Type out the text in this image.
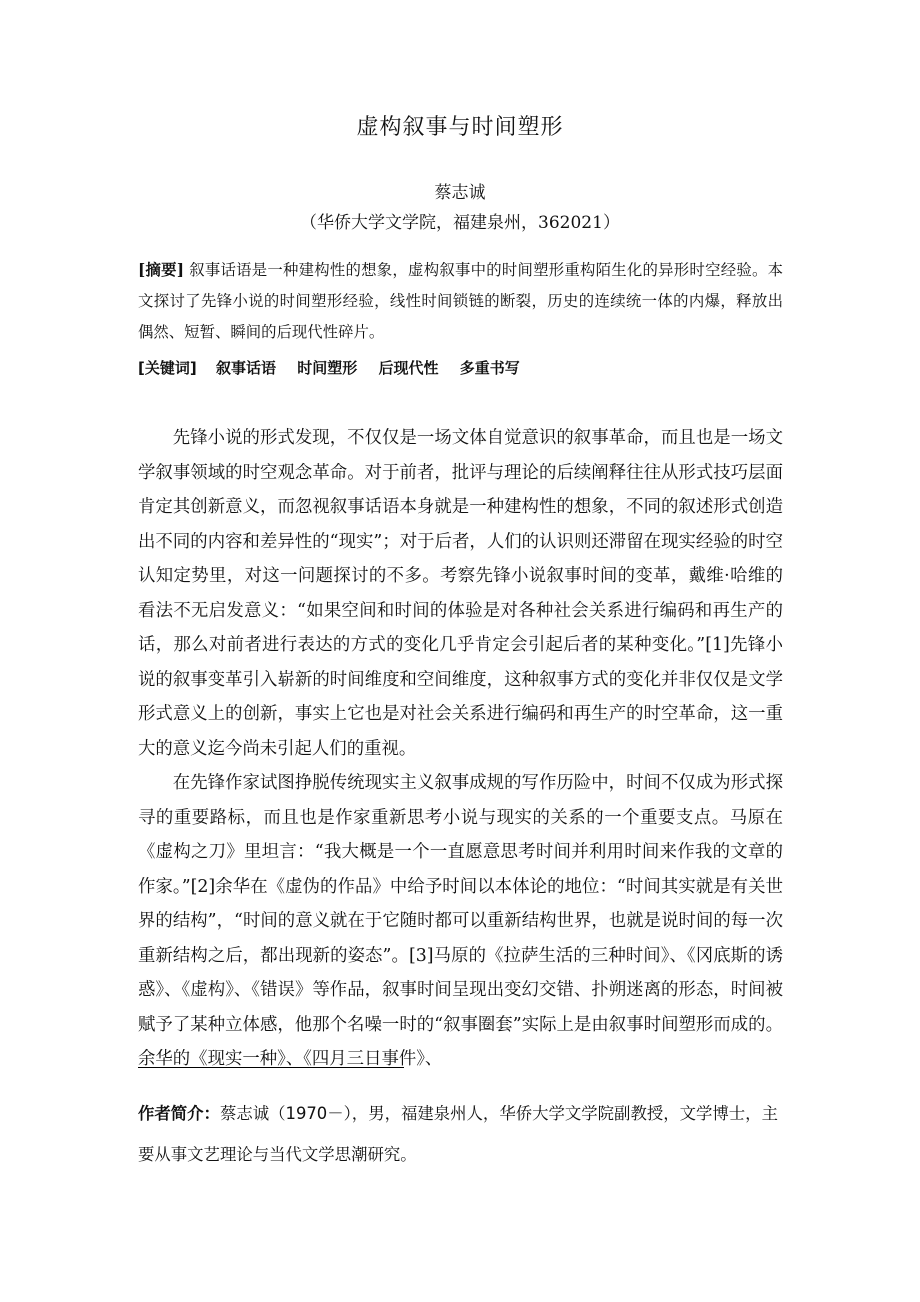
虚构叙事与时间塑形
蔡志诚
（华侨大学文学院，福建泉州，362021）

[摘要] 叙事话语是一种建构性的想象，虚构叙事中的时间塑形重构陌生化的异形时空经验。本文探讨了先锋小说的时间塑形经验，线性时间锁链的断裂，历史的连续统一体的内爆，释放出偶然、短暂、瞬间的后现代性碎片。

[关键词] 叙事话语 时间塑形 后现代性 多重书写

先锋小说的形式发现，不仅仅是一场文体自觉意识的叙事革命，而且也是一场文学叙事领域的时空观念革命。对于前者，批评与理论的后续阐释往往从形式技巧层面肯定其创新意义，而忽视叙事话语本身就是一种建构性的想象，不同的叙述形式创造出不同的内容和差异性的“现实”；对于后者，人们的认识则还滞留在现实经验的时空认知定势里，对这一问题探讨的不多。考察先锋小说叙事时间的变革，戴维·哈维的看法不无启发意义：“如果空间和时间的体验是对各种社会关系进行编码和再生产的话，那么对前者进行表达的方式的变化几乎肯定会引起后者的某种变化。”[1]先锋小说的叙事变革引入崭新的时间维度和空间维度，这种叙事方式的变化并非仅仅是文学形式意义上的创新，事实上它也是对社会关系进行编码和再生产的时空革命，这一重大的意义迄今尚未引起人们的重视。

在先锋作家试图挣脱传统现实主义叙事成规的写作历险中，时间不仅成为形式探寻的重要路标，而且也是作家重新思考小说与现实的关系的一个重要支点。马原在《虚构之刀》里坦言：“我大概是一个一直愿意思考时间并利用时间来作我的文章的作家。”[2]余华在《虚伪的作品》中给予时间以本体论的地位：“时间其实就是有关世界的结构”，“时间的意义就在于它随时都可以重新结构世界，也就是说时间的每一次重新结构之后，都出现新的姿态”。[3]马原的《拉萨生活的三种时间》、《冈底斯的诱惑》、《虚构》、《错误》等作品，叙事时间呈现出变幻交错、扑朔迷离的形态，时间被赋予了某种立体感，他那个名噪一时的“叙事圈套”实际上是由叙事时间塑形而成的。余华的《现实一种》、《四月三日事件》、

作者简介：蔡志诚（1970－），男，福建泉州人，华侨大学文学院副教授，文学博士，主要从事文艺理论与当代文学思潮研究。
